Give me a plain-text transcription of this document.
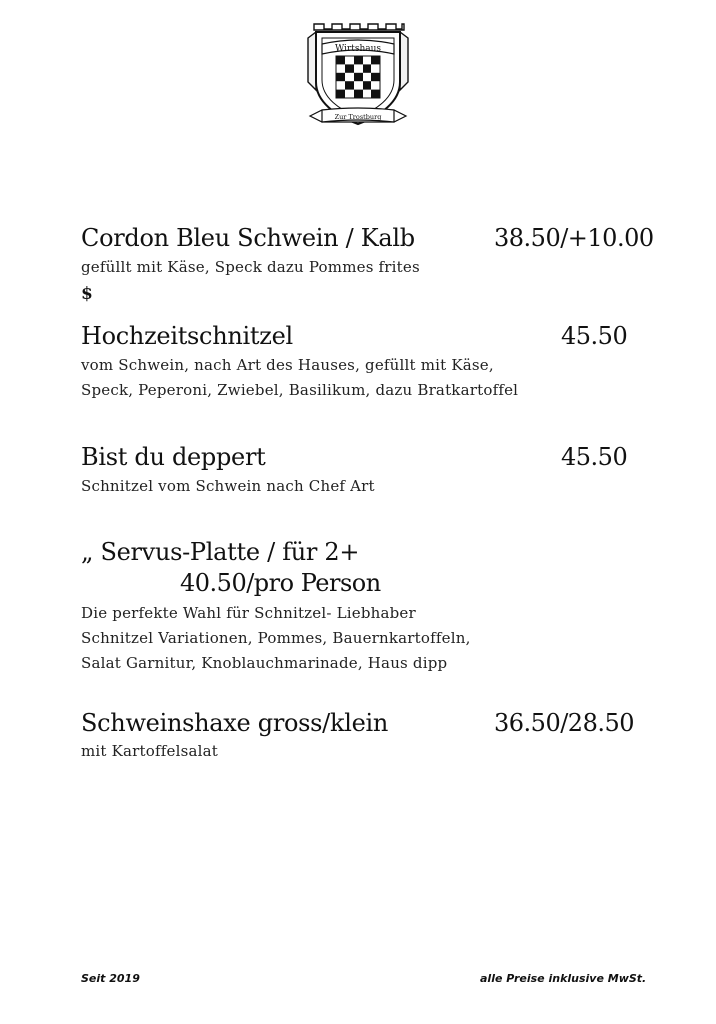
Wirtshaus
Zur Trostburg
Cordon Bleu Schwein / Kalb	38.50/+10.00
gefüllt mit Käse, Speck dazu Pommes frites
$
Hochzeitschnitzel	45.50
vom Schwein, nach Art des Hauses, gefüllt mit Käse,
Speck, Peperoni, Zwiebel, Basilikum, dazu Bratkartoffel
Bist du deppert	45.50
Schnitzel vom Schwein nach Chef Art
„ Servus-Platte / für 2+
40.50/pro Person
Die perfekte Wahl für Schnitzel- Liebhaber
Schnitzel Variationen, Pommes, Bauernkartoffeln,
Salat Garnitur, Knoblauchmarinade, Haus dipp
Schweinshaxe gross/klein	36.50/28.50
mit Kartoffelsalat
Seit 2019	alle Preise inklusive MwSt.
